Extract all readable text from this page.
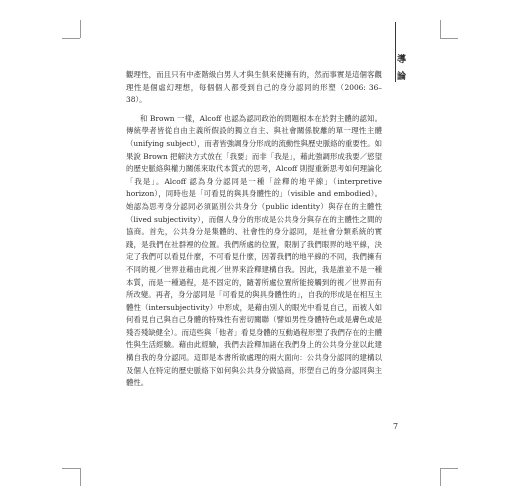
導論

觀理性，而且只有中產階級白男人才與生俱來使擁有的，然而事實是這個客觀理性是個虛幻理想，每個個人都受到自己的身分認同的形塑（2006: 36–38）。

和 Brown 一樣，Alcoff 也認為認同政治的問題根本在於對主體的認知。傳統學者皆從自由主義所假設的獨立自主、與社會關係脫離的單一理性主體（unifying subject），而者皆強調身分形成的流動性與歷史脈絡的重要性。如果說 Brown 把解決方式放在「我要」而非「我是」，藉此強調形成我要／慾望的歷史脈絡與權力關係來取代本質式的思考，Alcoff 則提重新思考如何理論化「我是」。Alcoff 認為身分認同是一種「詮釋的地平線」（interpretive horizon），同時也是「可看見的與具身體性的」（visible and embodied）。她認為思考身分認同必須區別公共身分（public identity）與存在的主體性（lived subjectivity），而個人身分的形成是公共身分與存在的主體性之間的協商。首先，公共身分是集體的、社會性的身分認同，是社會分類系統的實踐，是我們在社群裡的位置。我們所處的位置，限制了我們眼界的地平線，決定了我們可以看見什麼，不可看見什麼，因著我們的地平線的不同，我們擁有不同的視／世界並藉由此視／世界來詮釋建構自我。因此，我是誰並不是一種本質，而是一種過程，是不固定的，隨著所處位置所能接觸到的視／世界而有所改變。再者，身分認同是「可看見的與具身體性的」，自我的形成是在相互主體性（intersubjectivity）中形成，是藉由別人的眼光中看見自己，而被人如何看見自己與自己身體的特殊性有密切關聯（譬如男性身體特色或是膚色或是殘否殘缺健全）。而這些與「他者」看見身體的互動過程形塑了我們存在的主體性與生活經驗。藉由此經驗，我們去詮釋加諸在我們身上的公共身分並以此建構自我的身分認同。這即是本書所欲處理的兩大面向：公共身分認同的建構以及個人在特定的歷史脈絡下如何與公共身分做協商，形塑自己的身分認同與主體性。

7
